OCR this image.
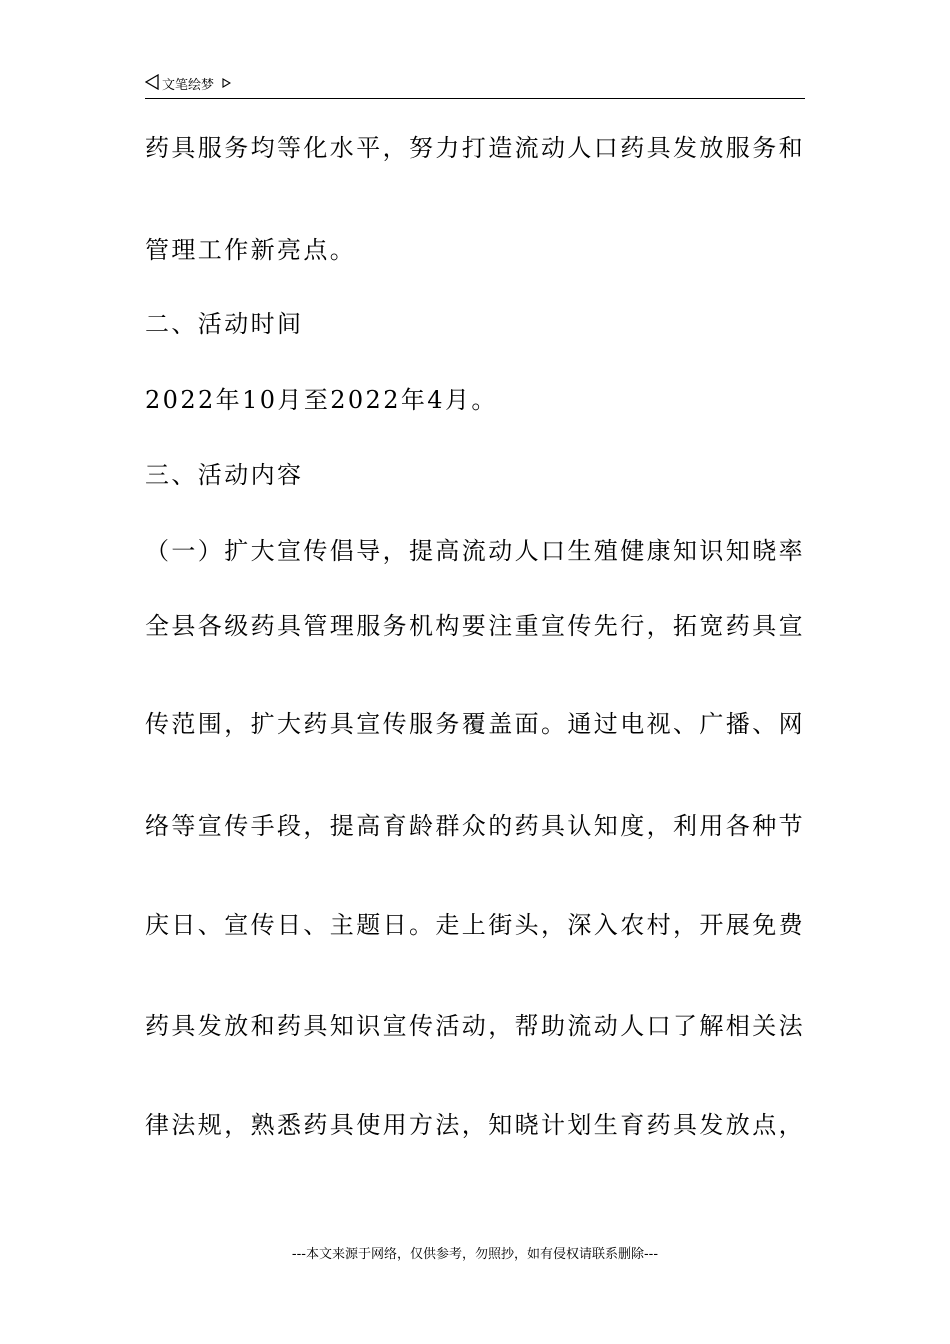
文笔绘梦
药具服务均等化水平，努力打造流动人口药具发放服务和
管理工作新亮点。
二、活动时间
2022年10月至2022年4月。
三、活动内容
（一）扩大宣传倡导，提高流动人口生殖健康知识知晓率
全县各级药具管理服务机构要注重宣传先行，拓宽药具宣
传范围，扩大药具宣传服务覆盖面。通过电视、广播、网
络等宣传手段，提高育龄群众的药具认知度，利用各种节
庆日、宣传日、主题日。走上街头，深入农村，开展免费
药具发放和药具知识宣传活动，帮助流动人口了解相关法
律法规，熟悉药具使用方法，知晓计划生育药具发放点，
---本文来源于网络，仅供参考，勿照抄，如有侵权请联系删除---
